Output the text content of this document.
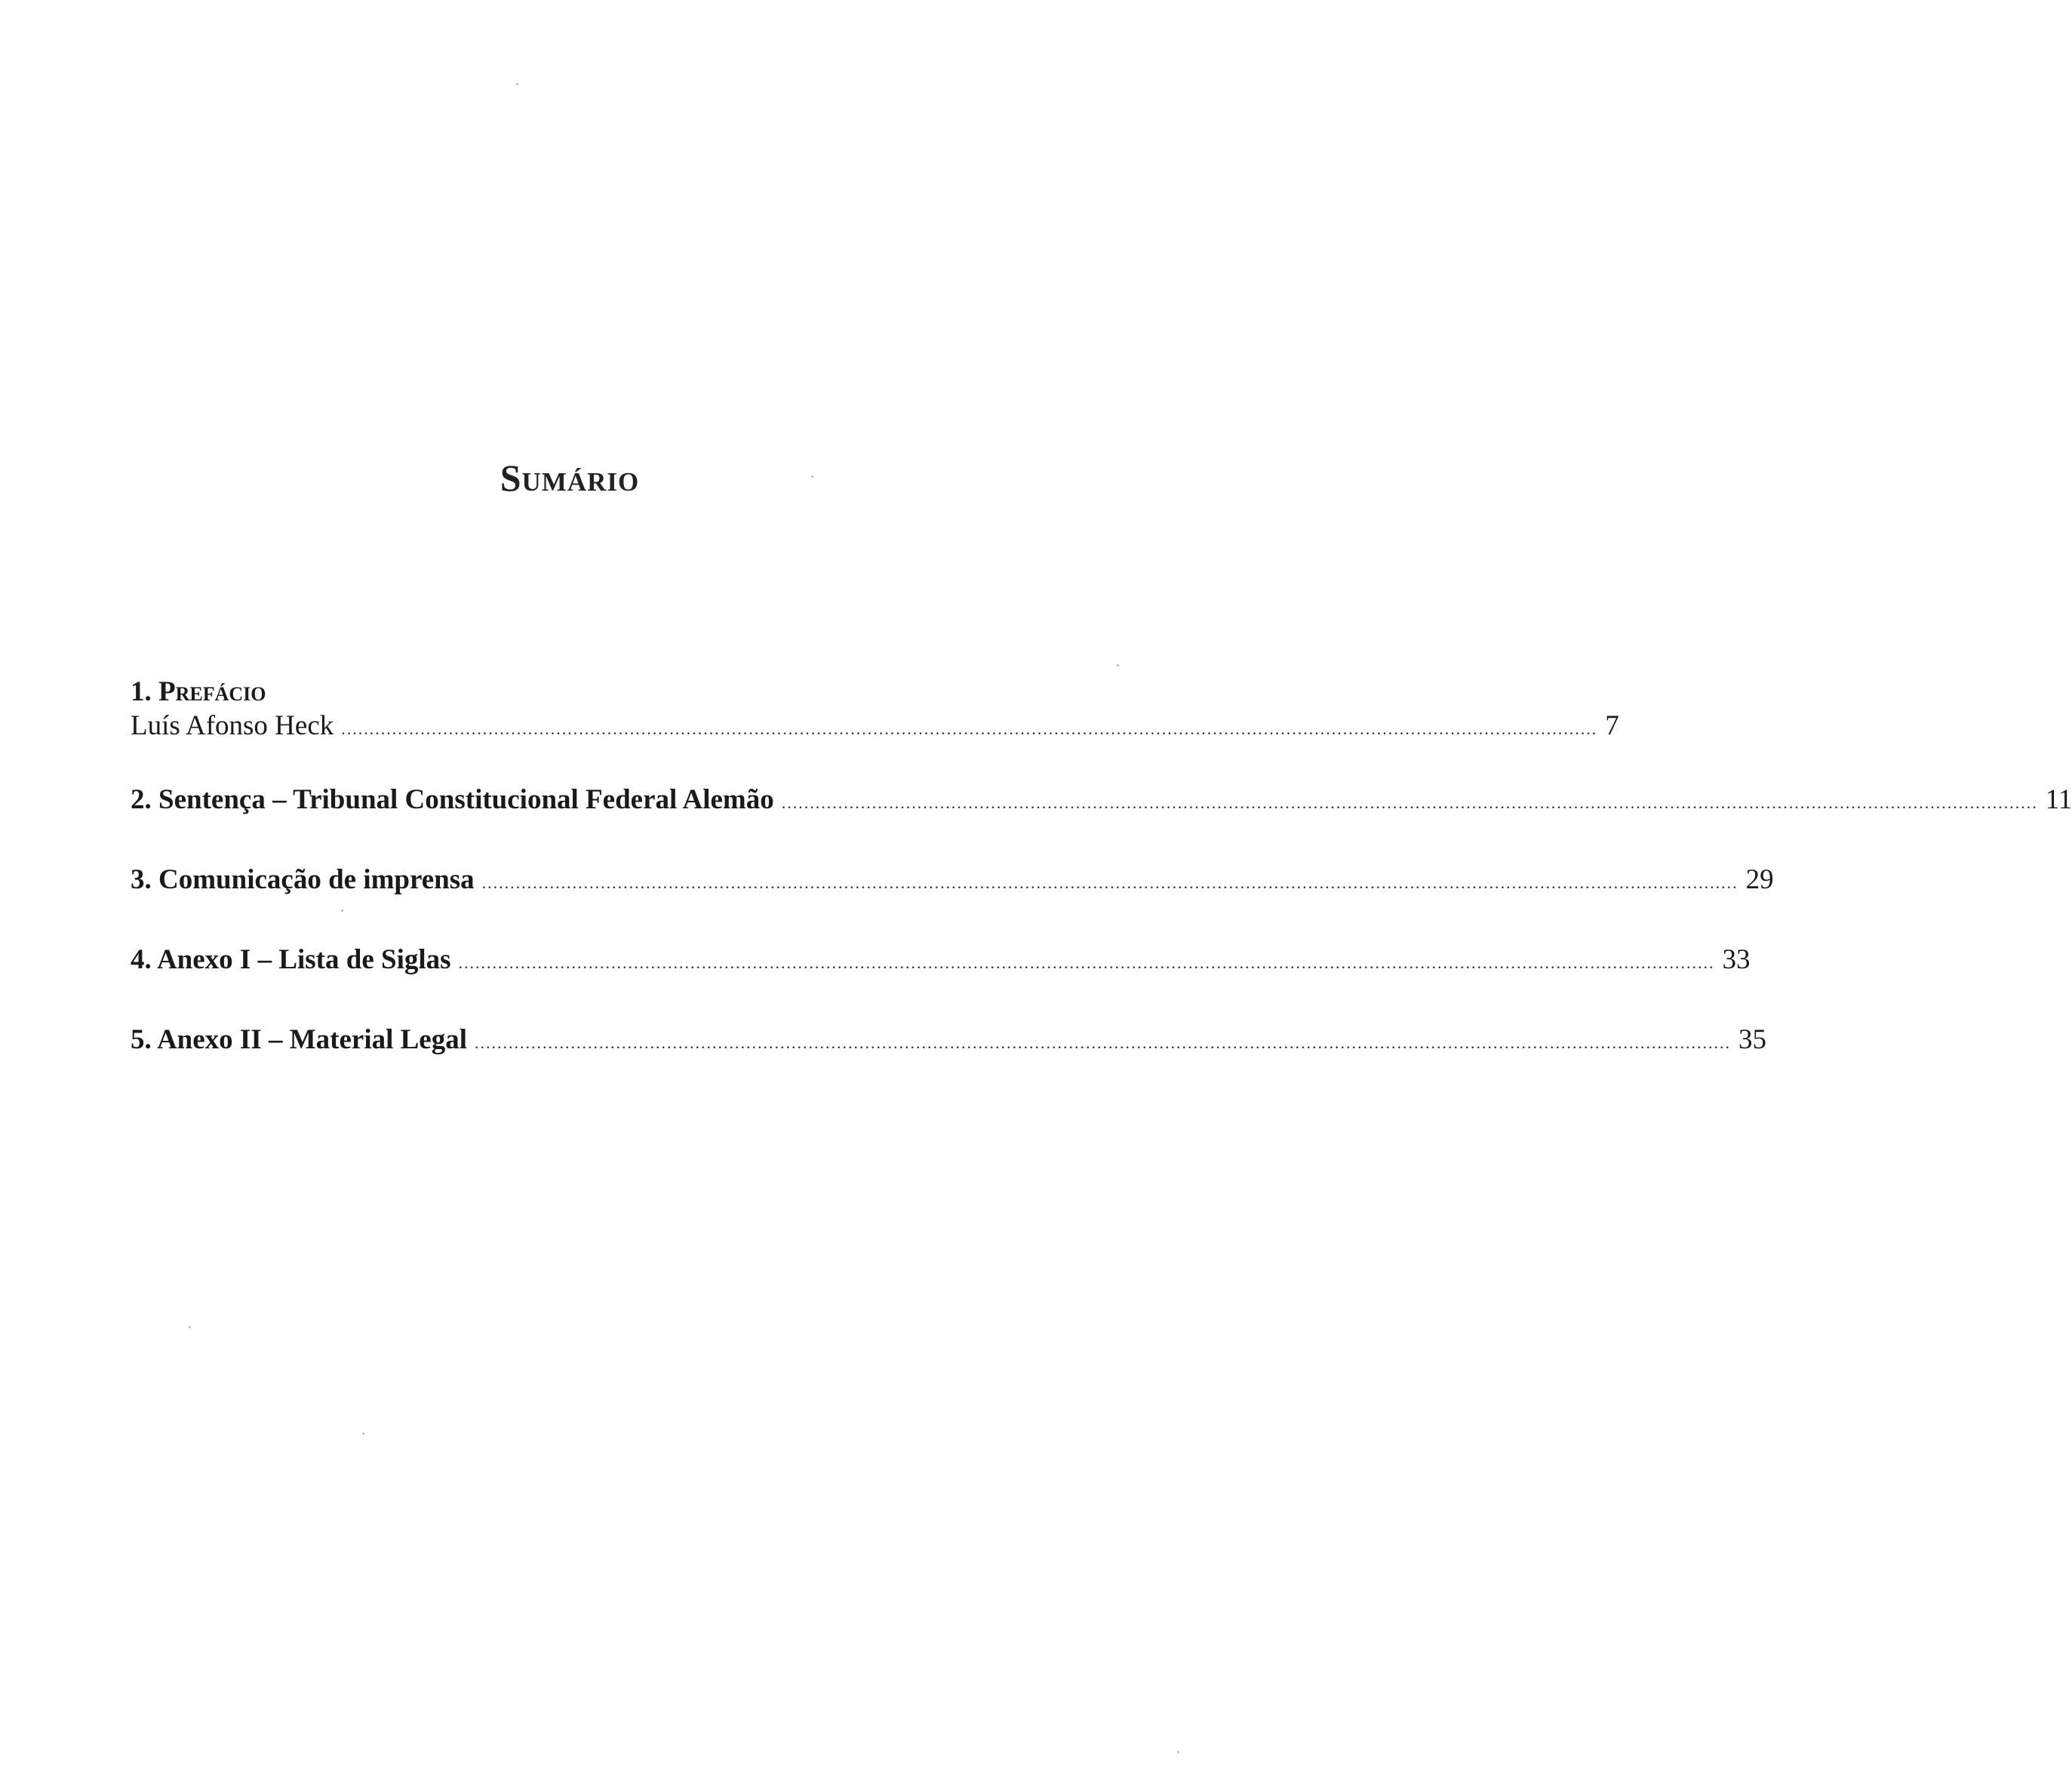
Sumário
1. Prefácio
Luís Afonso Heck .............................................................................................................................................................................................................................. 7
2. Sentença – Tribunal Constitucional Federal Alemão .............................................................................................................................................................................................................................. 11
3. Comunicação de imprensa .............................................................................................................................................................................................................................. 29
4. Anexo I – Lista de Siglas .............................................................................................................................................................................................................................. 33
5. Anexo II – Material Legal .............................................................................................................................................................................................................................. 35
